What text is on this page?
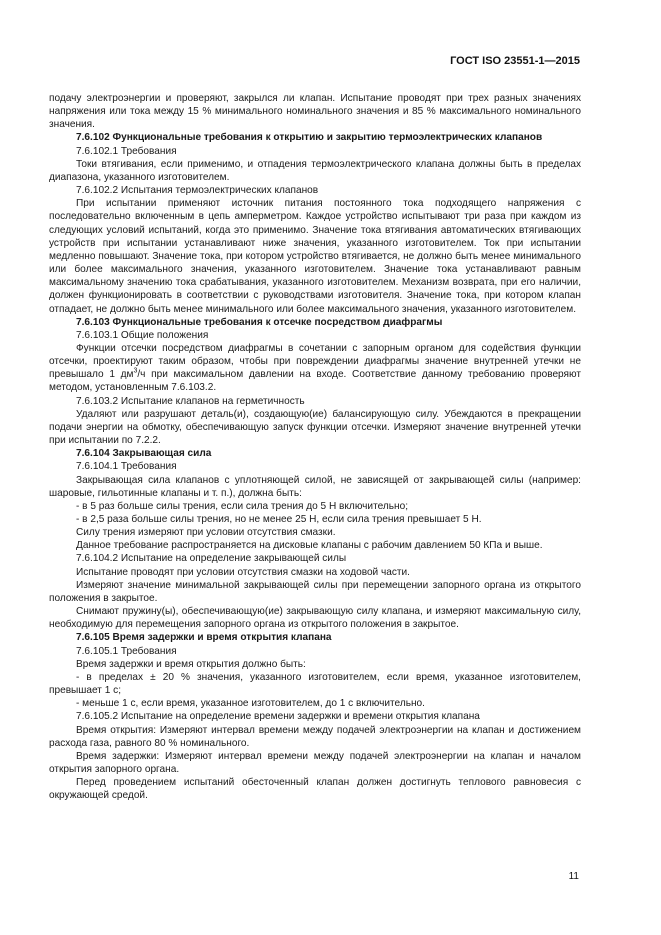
ГОСТ ISO 23551-1—2015

подачу электроэнергии и проверяют, закрылся ли клапан. Испытание проводят при трех разных значениях напряжения или тока между 15 % минимального номинального значения и 85 % максимального номинального значения.

7.6.102 Функциональные требования к открытию и закрытию термоэлектрических клапанов

7.6.102.1 Требования

Токи втягивания, если применимо, и отпадения термоэлектрического клапана должны быть в пределах диапазона, указанного изготовителем.

7.6.102.2 Испытания термоэлектрических клапанов

При испытании применяют источник питания постоянного тока подходящего напряжения с последовательно включенным в цепь амперметром. Каждое устройство испытывают три раза при каждом из следующих условий испытаний, когда это применимо. Значение тока втягивания автоматических втягивающих устройств при испытании устанавливают ниже значения, указанного изготовителем. Ток при испытании медленно повышают. Значение тока, при котором устройство втягивается, не должно быть менее минимального или более максимального значения, указанного изготовителем. Значение тока устанавливают равным максимальному значению тока срабатывания, указанного изготовителем. Механизм возврата, при его наличии, должен функционировать в соответствии с руководствами изготовителя. Значение тока, при котором клапан отпадает, не должно быть менее минимального или более максимального значения, указанного изготовителем.

7.6.103 Функциональные требования к отсечке посредством диафрагмы

7.6.103.1 Общие положения

Функции отсечки посредством диафрагмы в сочетании с запорным органом для содействия функции отсечки, проектируют таким образом, чтобы при повреждении диафрагмы значение внутренней утечки не превышало 1 $дм^3/ч$ при максимальном давлении на входе. Соответствие данному требованию проверяют методом, установленным 7.6.103.2.

7.6.103.2 Испытание клапанов на герметичность

Удаляют или разрушают деталь(и), создающую(ие) балансирующую силу. Убеждаются в прекращении подачи энергии на обмотку, обеспечивающую запуск функции отсечки. Измеряют значение внутренней утечки при испытании по 7.2.2.

7.6.104 Закрывающая сила

7.6.104.1 Требования

Закрывающая сила клапанов с уплотняющей силой, не зависящей от закрывающей силы (например: шаровые, гильотинные клапаны и т. п.), должна быть:

- в 5 раз больше силы трения, если сила трения до 5 Н включительно;

- в 2,5 раза больше силы трения, но не менее 25 Н, если сила трения превышает 5 Н.

Силу трения измеряют при условии отсутствия смазки.

Данное требование распространяется на дисковые клапаны с рабочим давлением 50 КПа и выше.

7.6.104.2 Испытание на определение закрывающей силы

Испытание проводят при условии отсутствия смазки на ходовой части.

Измеряют значение минимальной закрывающей силы при перемещении запорного органа из открытого положения в закрытое.

Снимают пружину(ы), обеспечивающую(ие) закрывающую силу клапана, и измеряют максимальную силу, необходимую для перемещения запорного органа из открытого положения в закрытое.

7.6.105 Время задержки и время открытия клапана

7.6.105.1 Требования

Время задержки и время открытия должно быть:

- в пределах ± 20 % значения, указанного изготовителем, если время, указанное изготовителем, превышает 1 с;

- меньше 1 с, если время, указанное изготовителем, до 1 с включительно.

7.6.105.2 Испытание на определение времени задержки и времени открытия клапана

Время открытия: Измеряют интервал времени между подачей электроэнергии на клапан и достижением расхода газа, равного 80 % номинального.

Время задержки: Измеряют интервал времени между подачей электроэнергии на клапан и началом открытия запорного органа.

Перед проведением испытаний обесточенный клапан должен достигнуть теплового равновесия с окружающей средой.

11
